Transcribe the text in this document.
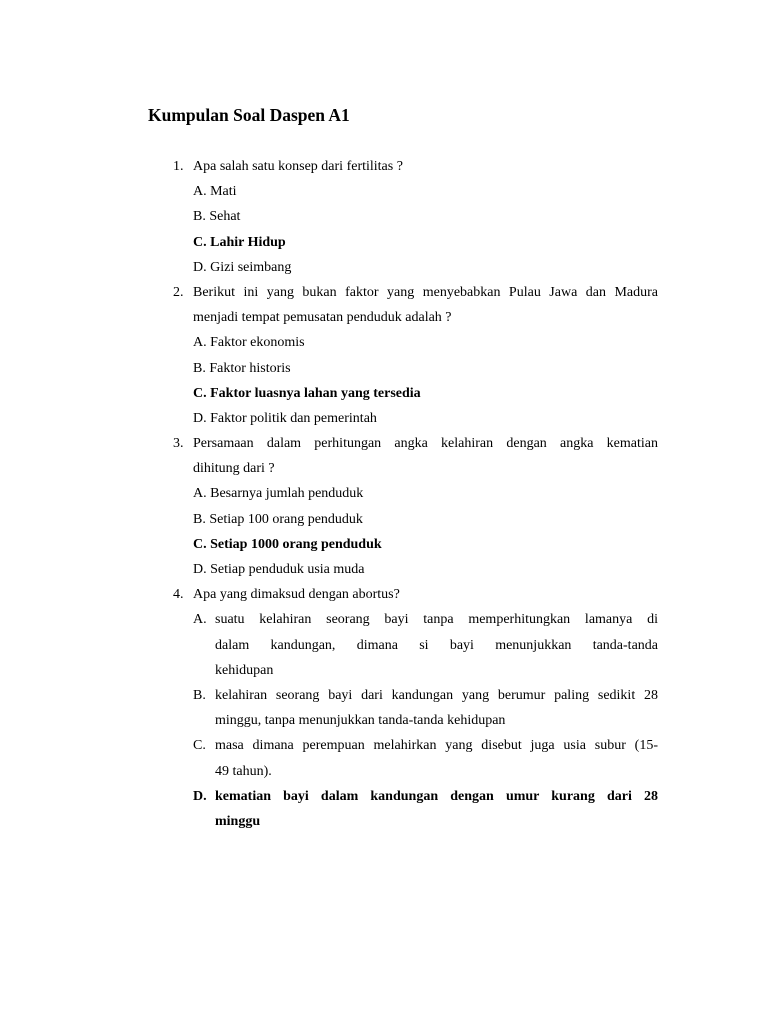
Kumpulan Soal Daspen A1
1. Apa salah satu konsep dari fertilitas ?
A. Mati
B. Sehat
C. Lahir Hidup
D. Gizi seimbang
2. Berikut ini yang bukan faktor yang menyebabkan Pulau Jawa dan Madura
menjadi tempat pemusatan penduduk adalah ?
A. Faktor ekonomis
B. Faktor historis
C. Faktor luasnya lahan yang tersedia
D. Faktor politik dan pemerintah
3. Persamaan dalam perhitungan angka kelahiran dengan angka kematian
dihitung dari ?
A. Besarnya jumlah penduduk
B. Setiap 100 orang penduduk
C. Setiap 1000 orang penduduk
D. Setiap penduduk usia muda
4. Apa yang dimaksud dengan abortus?
A. suatu kelahiran seorang bayi tanpa memperhitungkan lamanya di
dalam kandungan, dimana si bayi menunjukkan tanda-tanda
kehidupan
B. kelahiran seorang bayi dari kandungan yang berumur paling sedikit 28
minggu, tanpa menunjukkan tanda-tanda kehidupan
C. masa dimana perempuan melahirkan yang disebut juga usia subur (15-
49 tahun).
D. kematian bayi dalam kandungan dengan umur kurang dari 28
minggu
